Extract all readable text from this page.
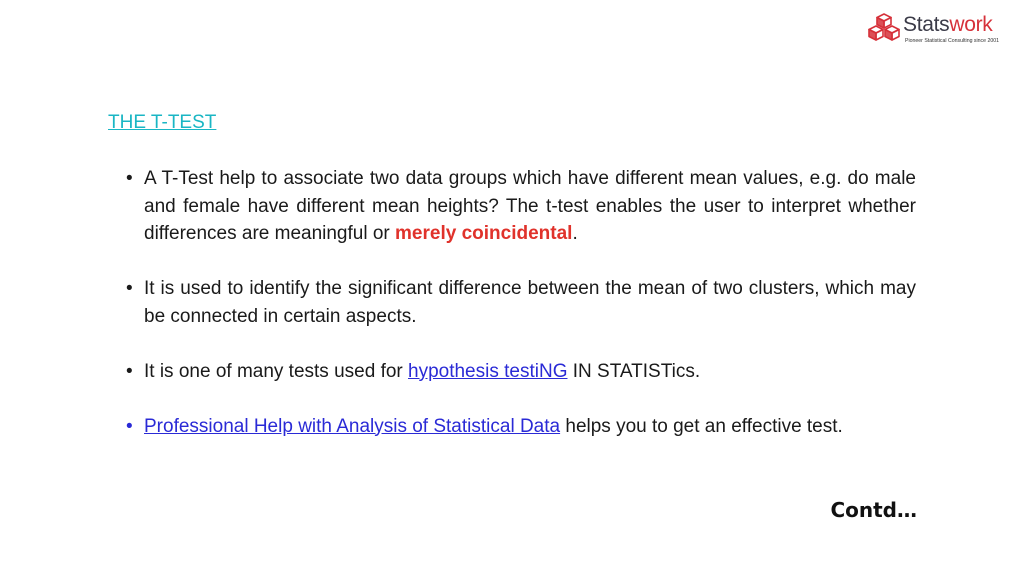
Statswork
Pioneer Statistical Consulting since 2001
THE T-TEST
• A T-Test help to associate two data groups which have different mean values, e.g. do male and female have different mean heights? The t-test enables the user to interpret whether differences are meaningful or merely coincidental.
• It is used to identify the significant difference between the mean of two clusters, which may be connected in certain aspects.
• It is one of many tests used for hypothesis testiNG IN STATISTics.
• Professional Help with Analysis of Statistical Data helps you to get an effective test.
Contd…
